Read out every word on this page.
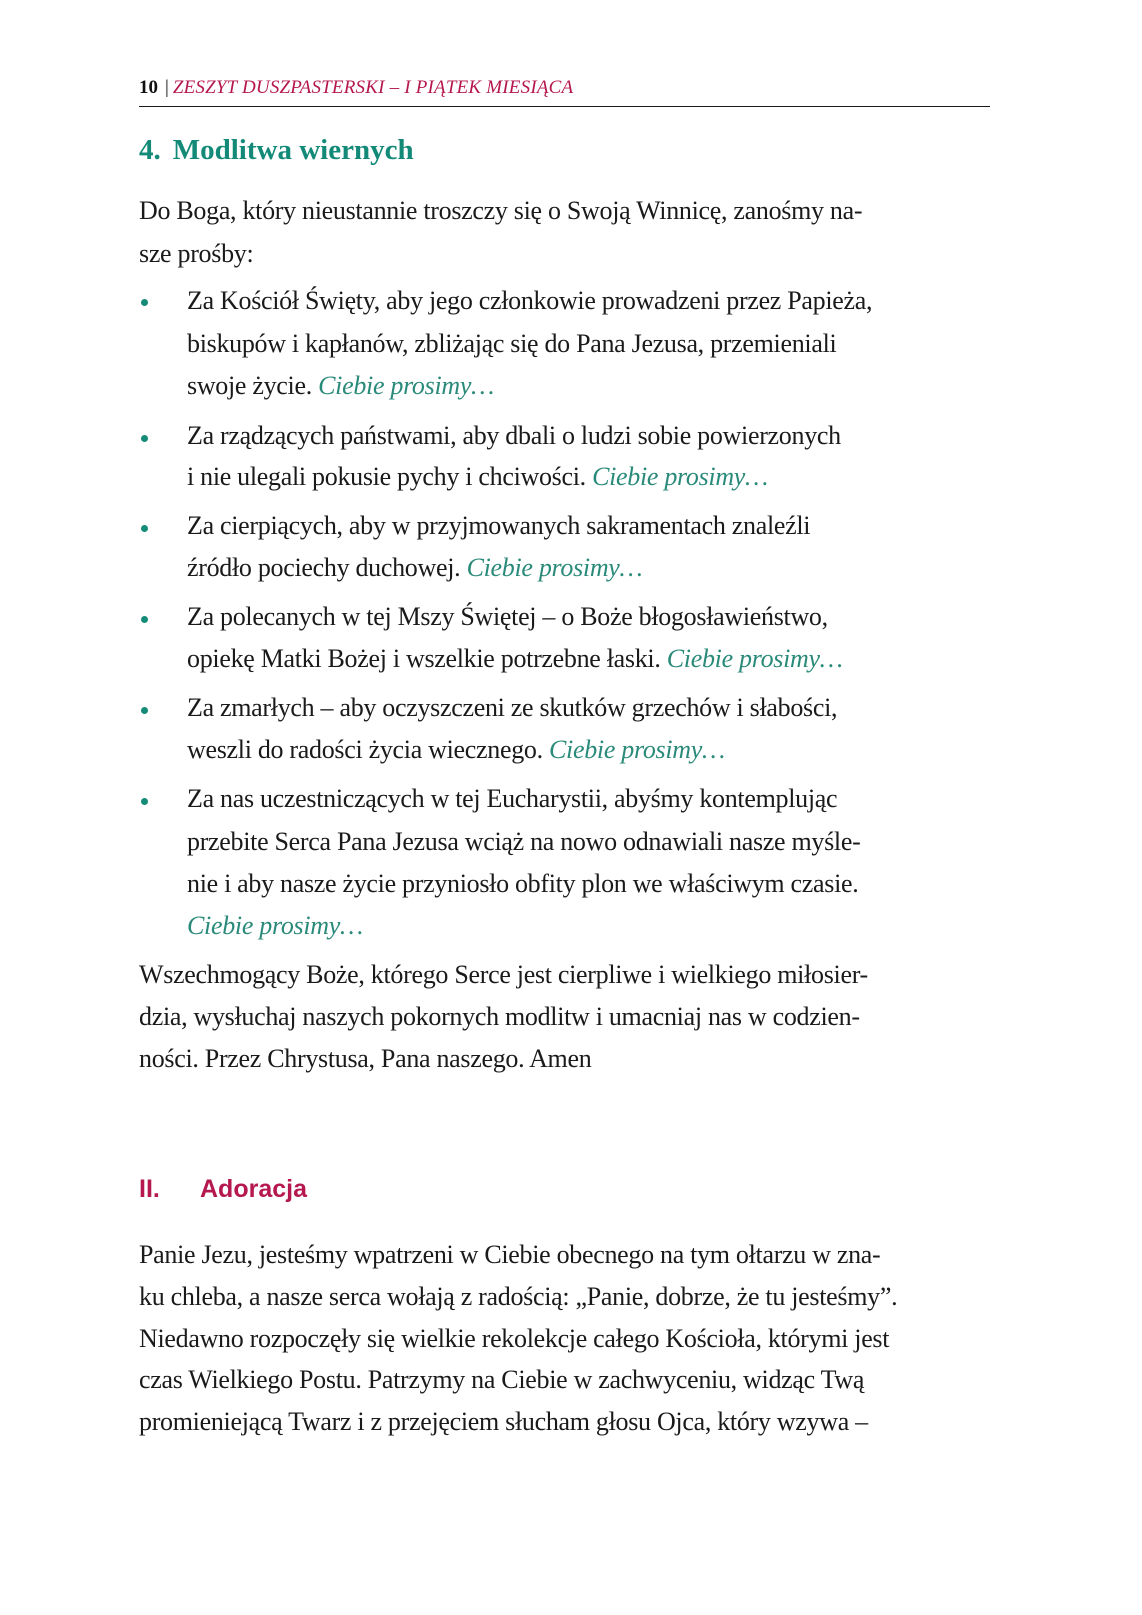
10 | ZESZYT DUSZPASTERSKI – I PIĄTEK MIESIĄCA
4. Modlitwa wiernych
Do Boga, który nieustannie troszczy się o Swoją Winnicę, zanośmy na-
sze prośby:
Za Kościół Święty, aby jego członkowie prowadzeni przez Papieża,
biskupów i kapłanów, zbliżając się do Pana Jezusa, przemieniali
swoje życie. Ciebie prosimy…
Za rządzących państwami, aby dbali o ludzi sobie powierzonych
i nie ulegali pokusie pychy i chciwości. Ciebie prosimy…
Za cierpiących, aby w przyjmowanych sakramentach znaleźli
źródło pociechy duchowej. Ciebie prosimy…
Za polecanych w tej Mszy Świętej – o Boże błogosławieństwo,
opiekę Matki Bożej i wszelkie potrzebne łaski. Ciebie prosimy…
Za zmarłych – aby oczyszczeni ze skutków grzechów i słabości,
weszli do radości życia wiecznego. Ciebie prosimy…
Za nas uczestniczących w tej Eucharystii, abyśmy kontemplując
przebite Serca Pana Jezusa wciąż na nowo odnawiali nasze myśle-
nie i aby nasze życie przyniosło obfity plon we właściwym czasie.
Ciebie prosimy…
Wszechmogący Boże, którego Serce jest cierpliwe i wielkiego miłosier-
dzia, wysłuchaj naszych pokornych modlitw i umacniaj nas w codzien-
ności. Przez Chrystusa, Pana naszego. Amen
II. Adoracja
Panie Jezu, jesteśmy wpatrzeni w Ciebie obecnego na tym ołtarzu w zna-
ku chleba, a nasze serca wołają z radością: „Panie, dobrze, że tu jesteśmy”.
Niedawno rozpoczęły się wielkie rekolekcje całego Kościoła, którymi jest
czas Wielkiego Postu. Patrzymy na Ciebie w zachwyceniu, widząc Twą
promieniejącą Twarz i z przejęciem słucham głosu Ojca, który wzywa –
